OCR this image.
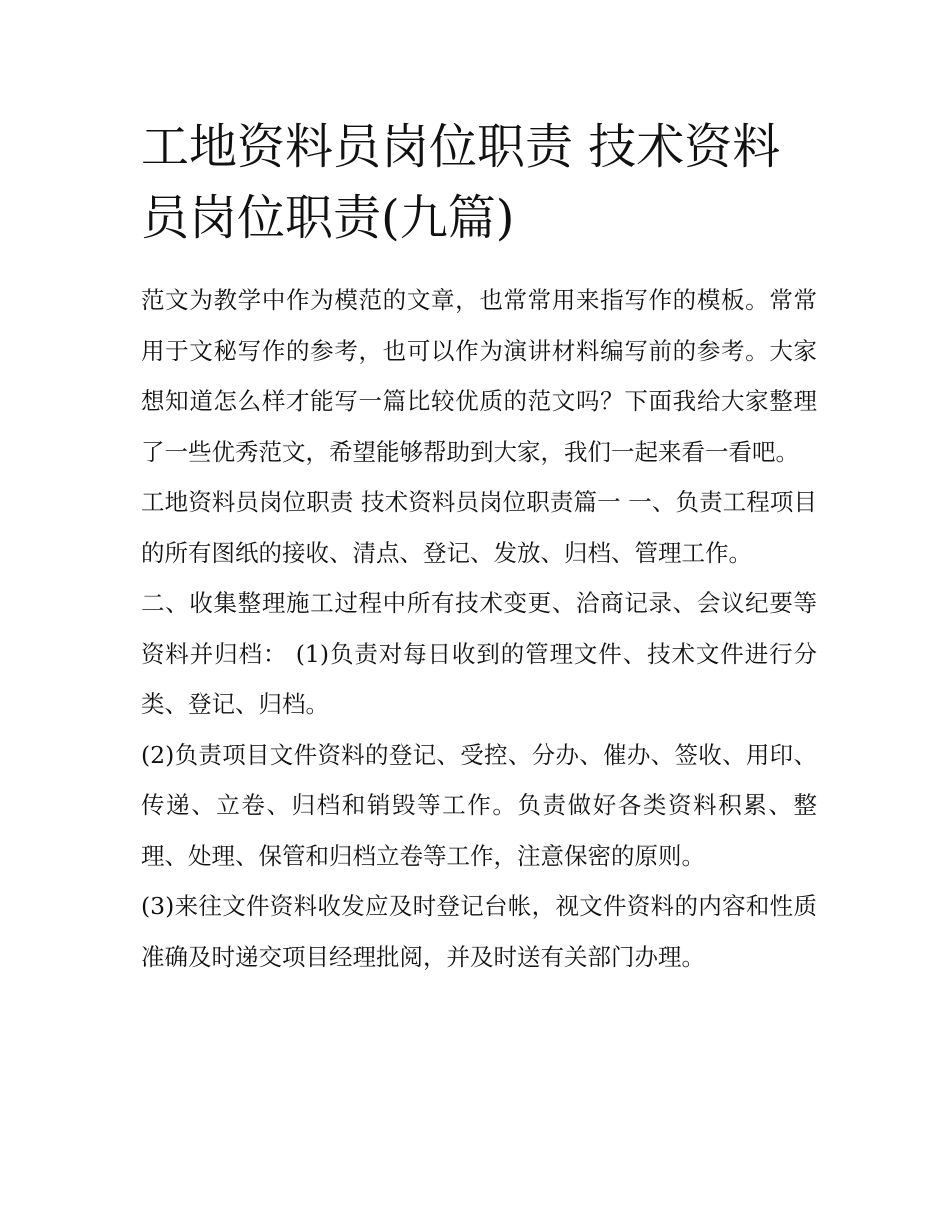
工地资料员岗位职责 技术资料员岗位职责(九篇)

范文为教学中作为模范的文章，也常常用来指写作的模板。常常用于文秘写作的参考，也可以作为演讲材料编写前的参考。大家想知道怎么样才能写一篇比较优质的范文吗？下面我给大家整理了一些优秀范文，希望能够帮助到大家，我们一起来看一看吧。

工地资料员岗位职责 技术资料员岗位职责篇一 一、负责工程项目的所有图纸的接收、清点、登记、发放、归档、管理工作。

二、收集整理施工过程中所有技术变更、洽商记录、会议纪要等资料并归档： (1)负责对每日收到的管理文件、技术文件进行分类、登记、归档。

(2)负责项目文件资料的登记、受控、分办、催办、签收、用印、传递、立卷、归档和销毁等工作。负责做好各类资料积累、整理、处理、保管和归档立卷等工作，注意保密的原则。

(3)来往文件资料收发应及时登记台帐，视文件资料的内容和性质准确及时递交项目经理批阅，并及时送有关部门办理。
